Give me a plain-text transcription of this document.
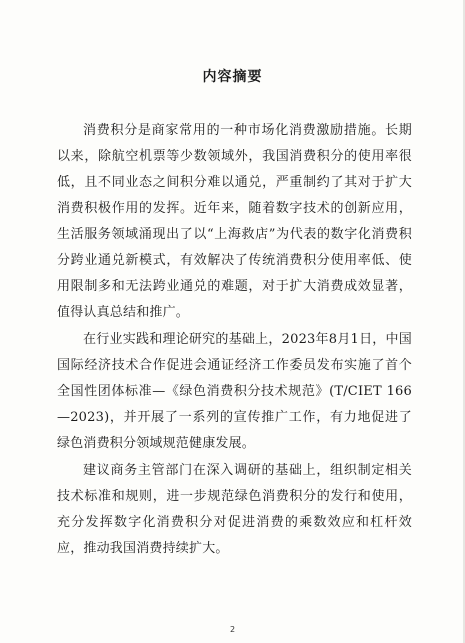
内容摘要

消费积分是商家常用的一种市场化消费激励措施。长期以来，除航空机票等少数领域外，我国消费积分的使用率很低，且不同业态之间积分难以通兑，严重制约了其对于扩大消费积极作用的发挥。近年来，随着数字技术的创新应用，生活服务领域涌现出了以“上海救店”为代表的数字化消费积分跨业通兑新模式，有效解决了传统消费积分使用率低、使用限制多和无法跨业通兑的难题，对于扩大消费成效显著，值得认真总结和推广。

在行业实践和理论研究的基础上，2023年8月1日，中国国际经济技术合作促进会通证经济工作委员发布实施了首个全国性团体标准—《绿色消费积分技术规范》(T/CIET 166—2023)，并开展了一系列的宣传推广工作，有力地促进了绿色消费积分领域规范健康发展。

建议商务主管部门在深入调研的基础上，组织制定相关技术标准和规则，进一步规范绿色消费积分的发行和使用，充分发挥数字化消费积分对促进消费的乘数效应和杠杆效应，推动我国消费持续扩大。

2
